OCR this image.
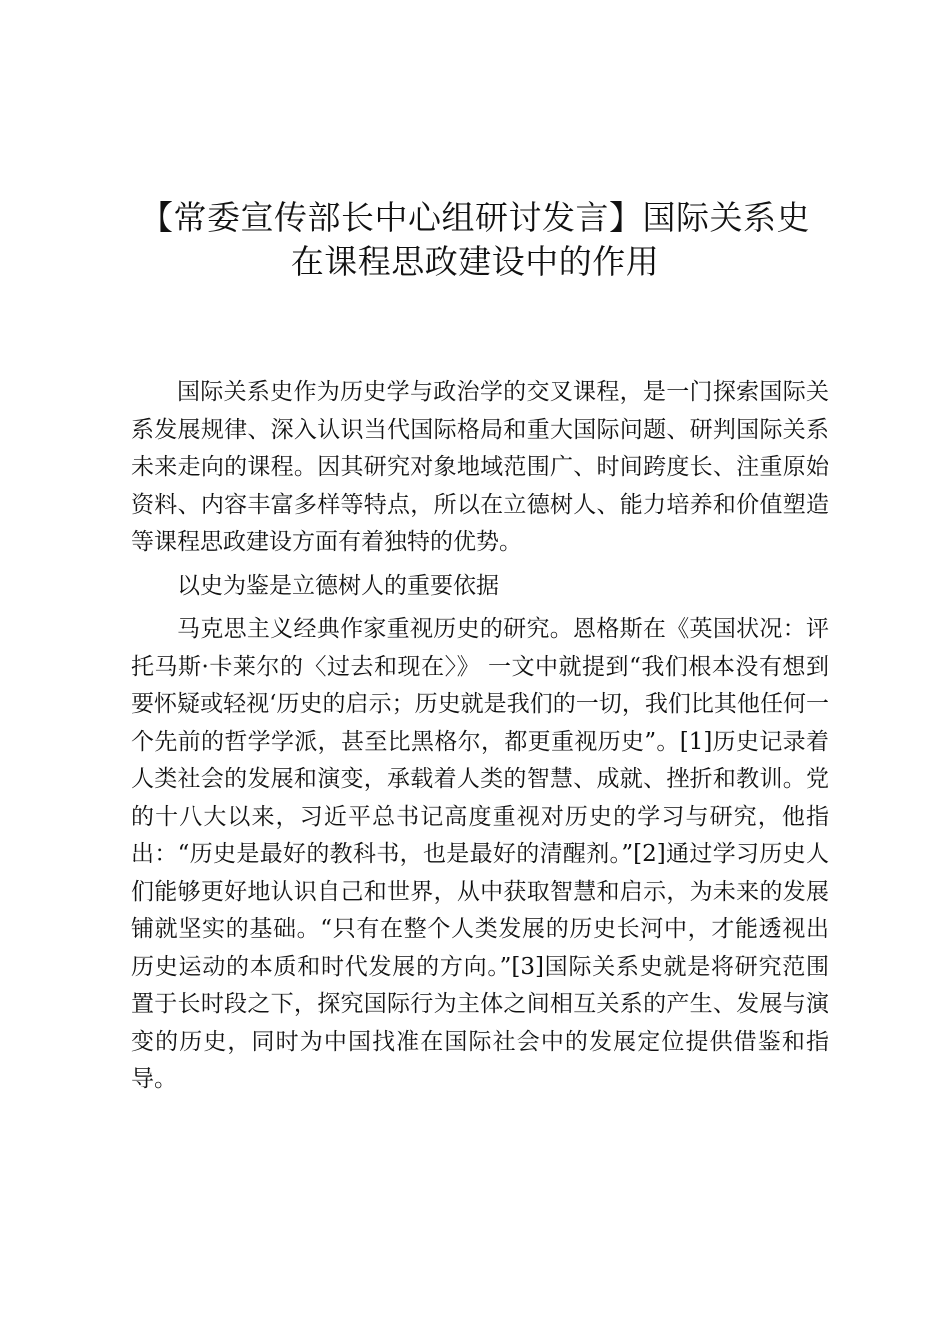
【常委宣传部长中心组研讨发言】国际关系史
在课程思政建设中的作用

国际关系史作为历史学与政治学的交叉课程，是一门探索国际关系发展规律、深入认识当代国际格局和重大国际问题、研判国际关系未来走向的课程。因其研究对象地域范围广、时间跨度长、注重原始资料、内容丰富多样等特点，所以在立德树人、能力培养和价值塑造等课程思政建设方面有着独特的优势。

以史为鉴是立德树人的重要依据

马克思主义经典作家重视历史的研究。恩格斯在《英国状况：评托马斯·卡莱尔的〈过去和现在〉》 一文中就提到“我们根本没有想到要怀疑或轻视‘历史的启示；历史就是我们的一切，我们比其他任何一个先前的哲学学派，甚至比黑格尔，都更重视历史”。[1]历史记录着人类社会的发展和演变，承载着人类的智慧、成就、挫折和教训。党的十八大以来，习近平总书记高度重视对历史的学习与研究，他指出：“历史是最好的教科书，也是最好的清醒剂。”[2]通过学习历史人们能够更好地认识自己和世界，从中获取智慧和启示，为未来的发展铺就坚实的基础。“只有在整个人类发展的历史长河中，才能透视出历史运动的本质和时代发展的方向。”[3]国际关系史就是将研究范围置于长时段之下，探究国际行为主体之间相互关系的产生、发展与演变的历史，同时为中国找准在国际社会中的发展定位提供借鉴和指导。
